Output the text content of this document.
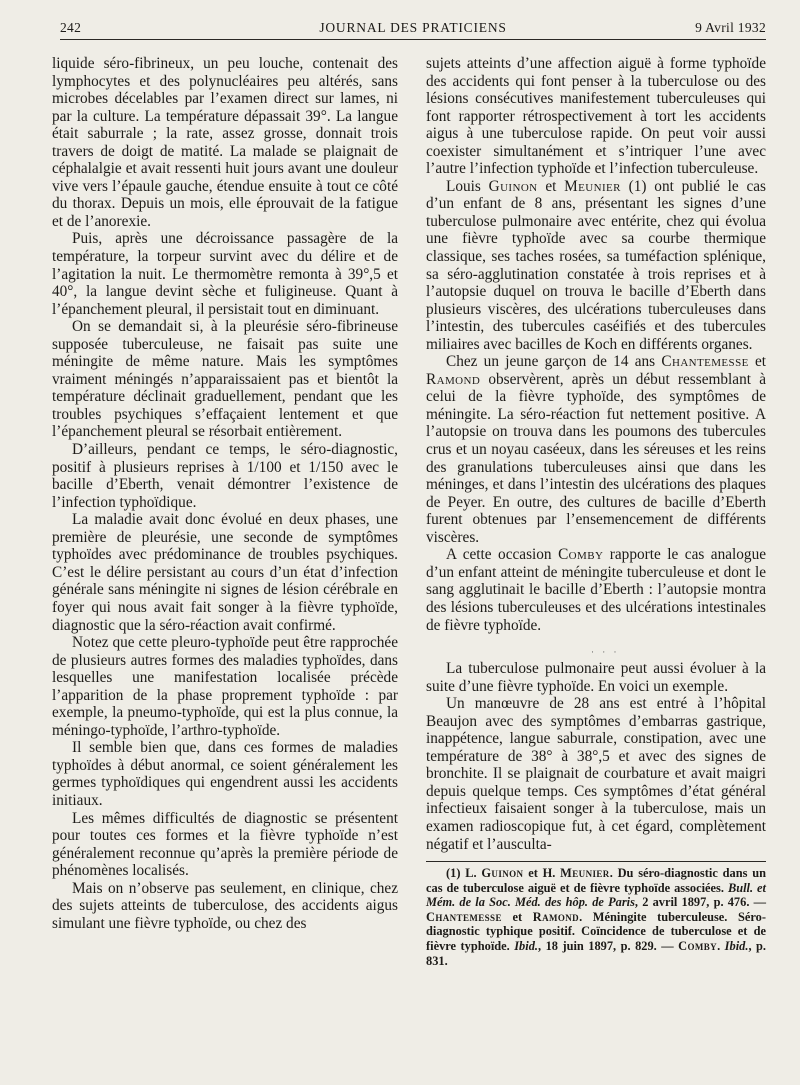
242	JOURNAL DES PRATICIENS	9 Avril 1932

liquide séro-fibrineux, un peu louche, contenait des lymphocytes et des polynucléaires peu altérés, sans microbes décelables par l’examen direct sur lames, ni par la culture. La température dépassait 39°. La langue était saburrale ; la rate, assez grosse, donnait trois travers de doigt de matité. La malade se plaignait de céphalalgie et avait ressenti huit jours avant une douleur vive vers l’épaule gauche, étendue ensuite à tout ce côté du thorax. Depuis un mois, elle éprouvait de la fatigue et de l’anorexie.

Puis, après une décroissance passagère de la température, la torpeur survint avec du délire et de l’agitation la nuit. Le thermomètre remonta à 39°,5 et 40°, la langue devint sèche et fuligineuse. Quant à l’épanchement pleural, il persistait tout en diminuant.

On se demandait si, à la pleurésie séro-fibrineuse supposée tuberculeuse, ne faisait pas suite une méningite de même nature. Mais les symptômes vraiment méningés n’apparaissaient pas et bientôt la température déclinait graduellement, pendant que les troubles psychiques s’effaçaient lentement et que l’épanchement pleural se résorbait entièrement.

D’ailleurs, pendant ce temps, le séro-diagnostic, positif à plusieurs reprises à 1/100 et 1/150 avec le bacille d’Eberth, venait démontrer l’existence de l’infection typhoïdique.

La maladie avait donc évolué en deux phases, une première de pleurésie, une seconde de symptômes typhoïdes avec prédominance de troubles psychiques. C’est le délire persistant au cours d’un état d’infection générale sans méningite ni signes de lésion cérébrale en foyer qui nous avait fait songer à la fièvre typhoïde, diagnostic que la séro-réaction avait confirmé.

Notez que cette pleuro-typhoïde peut être rapprochée de plusieurs autres formes des maladies typhoïdes, dans lesquelles une manifestation localisée précède l’apparition de la phase proprement typhoïde : par exemple, la pneumo-typhoïde, qui est la plus connue, la méningo-typhoïde, l’arthro-typhoïde.

Il semble bien que, dans ces formes de maladies typhoïdes à début anormal, ce soient généralement les germes typhoïdiques qui engendrent aussi les accidents initiaux.

Les mêmes difficultés de diagnostic se présentent pour toutes ces formes et la fièvre typhoïde n’est généralement reconnue qu’après la première période de phénomènes localisés.

Mais on n’observe pas seulement, en clinique, chez des sujets atteints de tuberculose, des accidents aigus simulant une fièvre typhoïde, ou chez des

sujets atteints d’une affection aiguë à forme typhoïde des accidents qui font penser à la tuberculose ou des lésions consécutives manifestement tuberculeuses qui font rapporter rétrospectivement à tort les accidents aigus à une tuberculose rapide. On peut voir aussi coexister simultanément et s’intriquer l’une avec l’autre l’infection typhoïde et l’infection tuberculeuse.

Louis Guinon et Meunier (1) ont publié le cas d’un enfant de 8 ans, présentant les signes d’une tuberculose pulmonaire avec entérite, chez qui évolua une fièvre typhoïde avec sa courbe thermique classique, ses taches rosées, sa tuméfaction splénique, sa séro-agglutination constatée à trois reprises et à l’autopsie duquel on trouva le bacille d’Eberth dans plusieurs viscères, des ulcérations tuberculeuses dans l’intestin, des tubercules caséifiés et des tubercules miliaires avec bacilles de Koch en différents organes.

Chez un jeune garçon de 14 ans Chantemesse et Ramond observèrent, après un début ressemblant à celui de la fièvre typhoïde, des symptômes de méningite. La séro-réaction fut nettement positive. A l’autopsie on trouva dans les poumons des tubercules crus et un noyau caséeux, dans les séreuses et les reins des granulations tuberculeuses ainsi que dans les méninges, et dans l’intestin des ulcérations des plaques de Peyer. En outre, des cultures de bacille d’Eberth furent obtenues par l’ensemencement de différents viscères.

A cette occasion Comby rapporte le cas analogue d’un enfant atteint de méningite tuberculeuse et dont le sang agglutinait le bacille d’Eberth : l’autopsie montra des lésions tuberculeuses et des ulcérations intestinales de fièvre typhoïde.

· · ·

La tuberculose pulmonaire peut aussi évoluer à la suite d’une fièvre typhoïde. En voici un exemple.

Un manœuvre de 28 ans est entré à l’hôpital Beaujon avec des symptômes d’embarras gastrique, inappétence, langue saburrale, constipation, avec une température de 38° à 38°,5 et avec des signes de bronchite. Il se plaignait de courbature et avait maigri depuis quelque temps. Ces symptômes d’état général infectieux faisaient songer à la tuberculose, mais un examen radioscopique fut, à cet égard, complètement négatif et l’ausculta-

(1) L. Guinon et H. Meunier. Du séro-diagnostic dans un cas de tuberculose aiguë et de fièvre typhoïde associées. Bull. et Mém. de la Soc. Méd. des hôp. de Paris, 2 avril 1897, p. 476. — Chantemesse et Ramond. Méningite tuberculeuse. Séro-diagnostic typhique positif. Coïncidence de tuberculose et de fièvre typhoïde. Ibid., 18 juin 1897, p. 829. — Comby. Ibid., p. 831.
